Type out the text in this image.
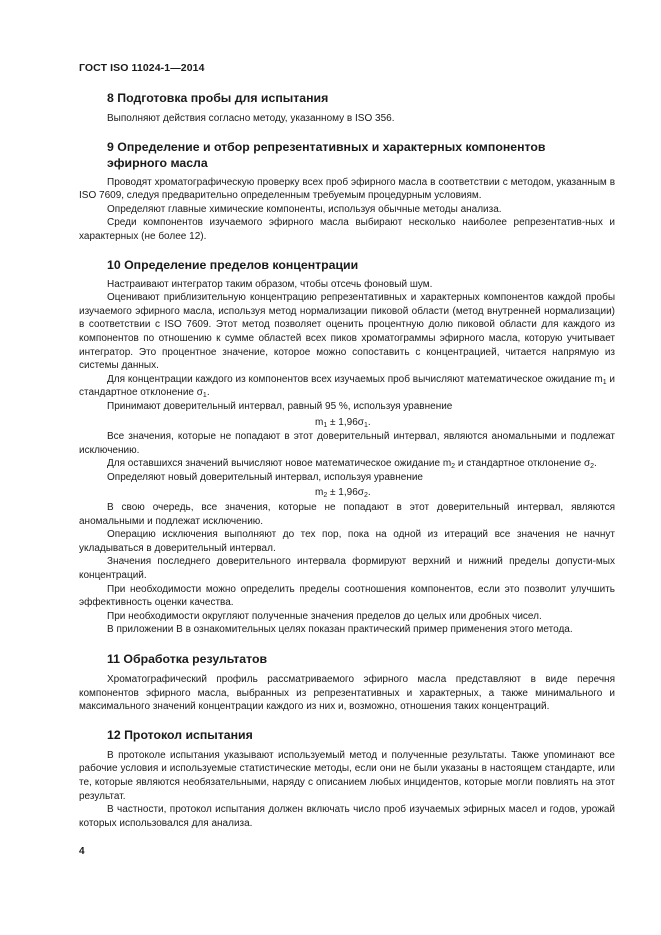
ГОСТ ISO 11024-1—2014
8 Подготовка пробы для испытания

Выполняют действия согласно методу, указанному в ISO 356.

9 Определение и отбор репрезентативных и характерных компонентов
эфирного масла

Проводят хроматографическую проверку всех проб эфирного масла в соответствии с методом, указанным в ISO 7609, следуя предварительно определенным требуемым процедурным условиям.

Определяют главные химические компоненты, используя обычные методы анализа.

Среди компонентов изучаемого эфирного масла выбирают несколько наиболее репрезентатив-ных и характерных (не более 12).

10 Определение пределов концентрации

Настраивают интегратор таким образом, чтобы отсечь фоновый шум.

Оценивают приблизительную концентрацию репрезентативных и характерных компонентов каждой пробы изучаемого эфирного масла, используя метод нормализации пиковой области (метод внутренней нормализации) в соответствии с ISO 7609. Этот метод позволяет оценить процентную долю пиковой области для каждого из компонентов по отношению к сумме областей всех пиков хроматограммы эфирного масла, которую учитывает интегратор. Это процентное значение, которое можно сопоставить с концентрацией, читается напрямую из системы данных.

Для концентрации каждого из компонентов всех изучаемых проб вычисляют математическое ожидание $m_1$ и стандартное отклонение $\sigma_1$.

Принимают доверительный интервал, равный 95 %, используя уравнение

$m_1 \pm 1,96\sigma_1$.

Все значения, которые не попадают в этот доверительный интервал, являются аномальными и подлежат исключению.

Для оставшихся значений вычисляют новое математическое ожидание $m_2$ и стандартное отклонение $\sigma_2$.

Определяют новый доверительный интервал, используя уравнение

$m_2 \pm 1,96\sigma_2$.

В свою очередь, все значения, которые не попадают в этот доверительный интервал, являются аномальными и подлежат исключению.

Операцию исключения выполняют до тех пор, пока на одной из итераций все значения не начнут укладываться в доверительный интервал.

Значения последнего доверительного интервала формируют верхний и нижний пределы допусти-мых концентраций.

При необходимости можно определить пределы соотношения компонентов, если это позволит улучшить эффективность оценки качества.

При необходимости округляют полученные значения пределов до целых или дробных чисел.

В приложении В в ознакомительных целях показан практический пример применения этого метода.

11 Обработка результатов

Хроматографический профиль рассматриваемого эфирного масла представляют в виде перечня компонентов эфирного масла, выбранных из репрезентативных и характерных, а также минимального и максимального значений концентрации каждого из них и, возможно, отношения таких концентраций.

12 Протокол испытания

В протоколе испытания указывают используемый метод и полученные результаты. Также упоминают все рабочие условия и используемые статистические методы, если они не были указаны в настоящем стандарте, или те, которые являются необязательными, наряду с описанием любых инцидентов, которые могли повлиять на этот результат.

В частности, протокол испытания должен включать число проб изучаемых эфирных масел и годов, урожай которых использовался для анализа.

4
